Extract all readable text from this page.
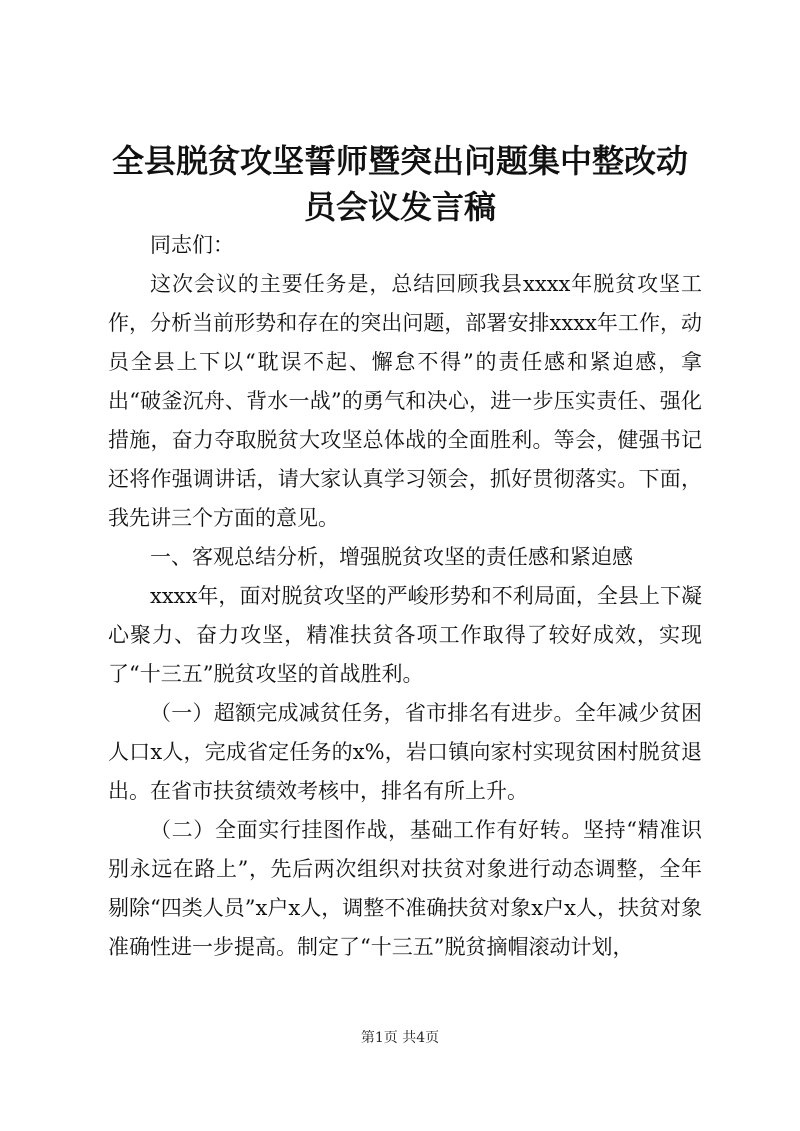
全县脱贫攻坚誓师暨突出问题集中整改动员会议发言稿

同志们：

这次会议的主要任务是，总结回顾我县xxxx年脱贫攻坚工作，分析当前形势和存在的突出问题，部署安排xxxx年工作，动员全县上下以“耽误不起、懈怠不得”的责任感和紧迫感，拿出“破釜沉舟、背水一战”的勇气和决心，进一步压实责任、强化措施，奋力夺取脱贫大攻坚总体战的全面胜利。等会，健强书记还将作强调讲话，请大家认真学习领会，抓好贯彻落实。下面，我先讲三个方面的意见。

一、客观总结分析，增强脱贫攻坚的责任感和紧迫感

xxxx年，面对脱贫攻坚的严峻形势和不利局面，全县上下凝心聚力、奋力攻坚，精准扶贫各项工作取得了较好成效，实现了“十三五”脱贫攻坚的首战胜利。

（一）超额完成减贫任务，省市排名有进步。全年减少贫困人口x人，完成省定任务的x%，岩口镇向家村实现贫困村脱贫退出。在省市扶贫绩效考核中，排名有所上升。

（二）全面实行挂图作战，基础工作有好转。坚持“精准识别永远在路上”，先后两次组织对扶贫对象进行动态调整，全年剔除“四类人员”x户x人，调整不准确扶贫对象x户x人，扶贫对象准确性进一步提高。制定了“十三五”脱贫摘帽滚动计划，

第1页 共4页
